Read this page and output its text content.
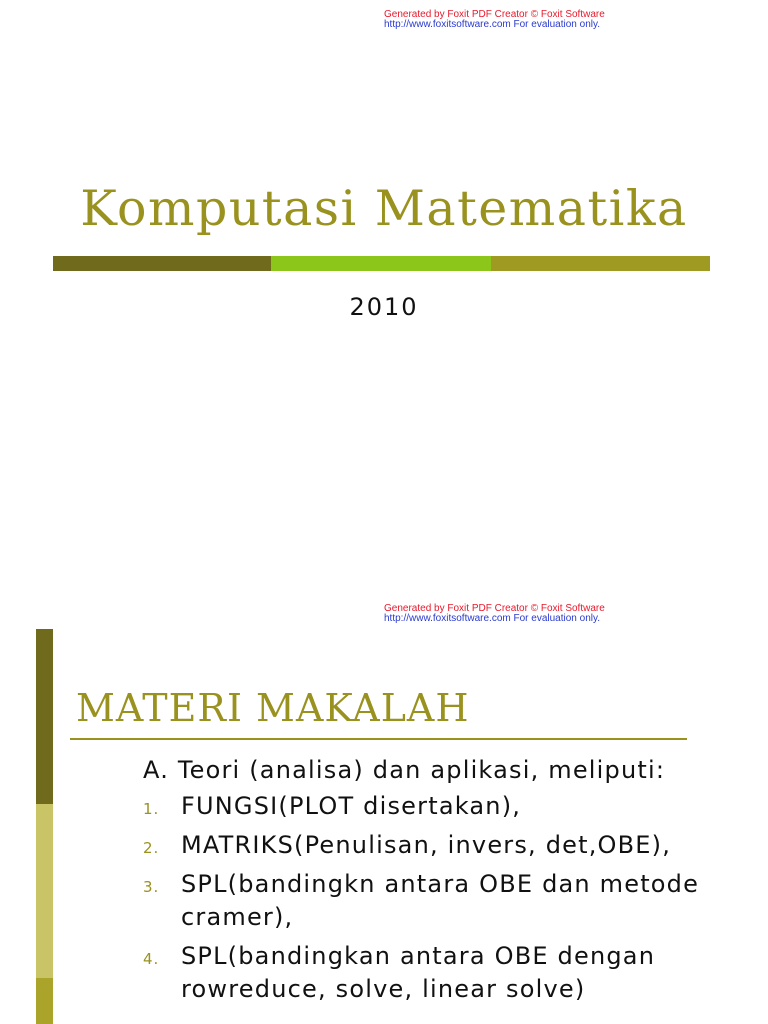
Generated by Foxit PDF Creator © Foxit Software
http://www.foxitsoftware.com For evaluation only.
Komputasi Matematika
2010
Generated by Foxit PDF Creator © Foxit Software
http://www.foxitsoftware.com For evaluation only.
MATERI MAKALAH
A. Teori (analisa) dan aplikasi, meliputi:
1. FUNGSI(PLOT disertakan),
2. MATRIKS(Penulisan, invers, det,OBE),
3. SPL(bandingkn antara OBE dan metode cramer),
4. SPL(bandingkan antara OBE dengan rowreduce, solve, linear solve)
